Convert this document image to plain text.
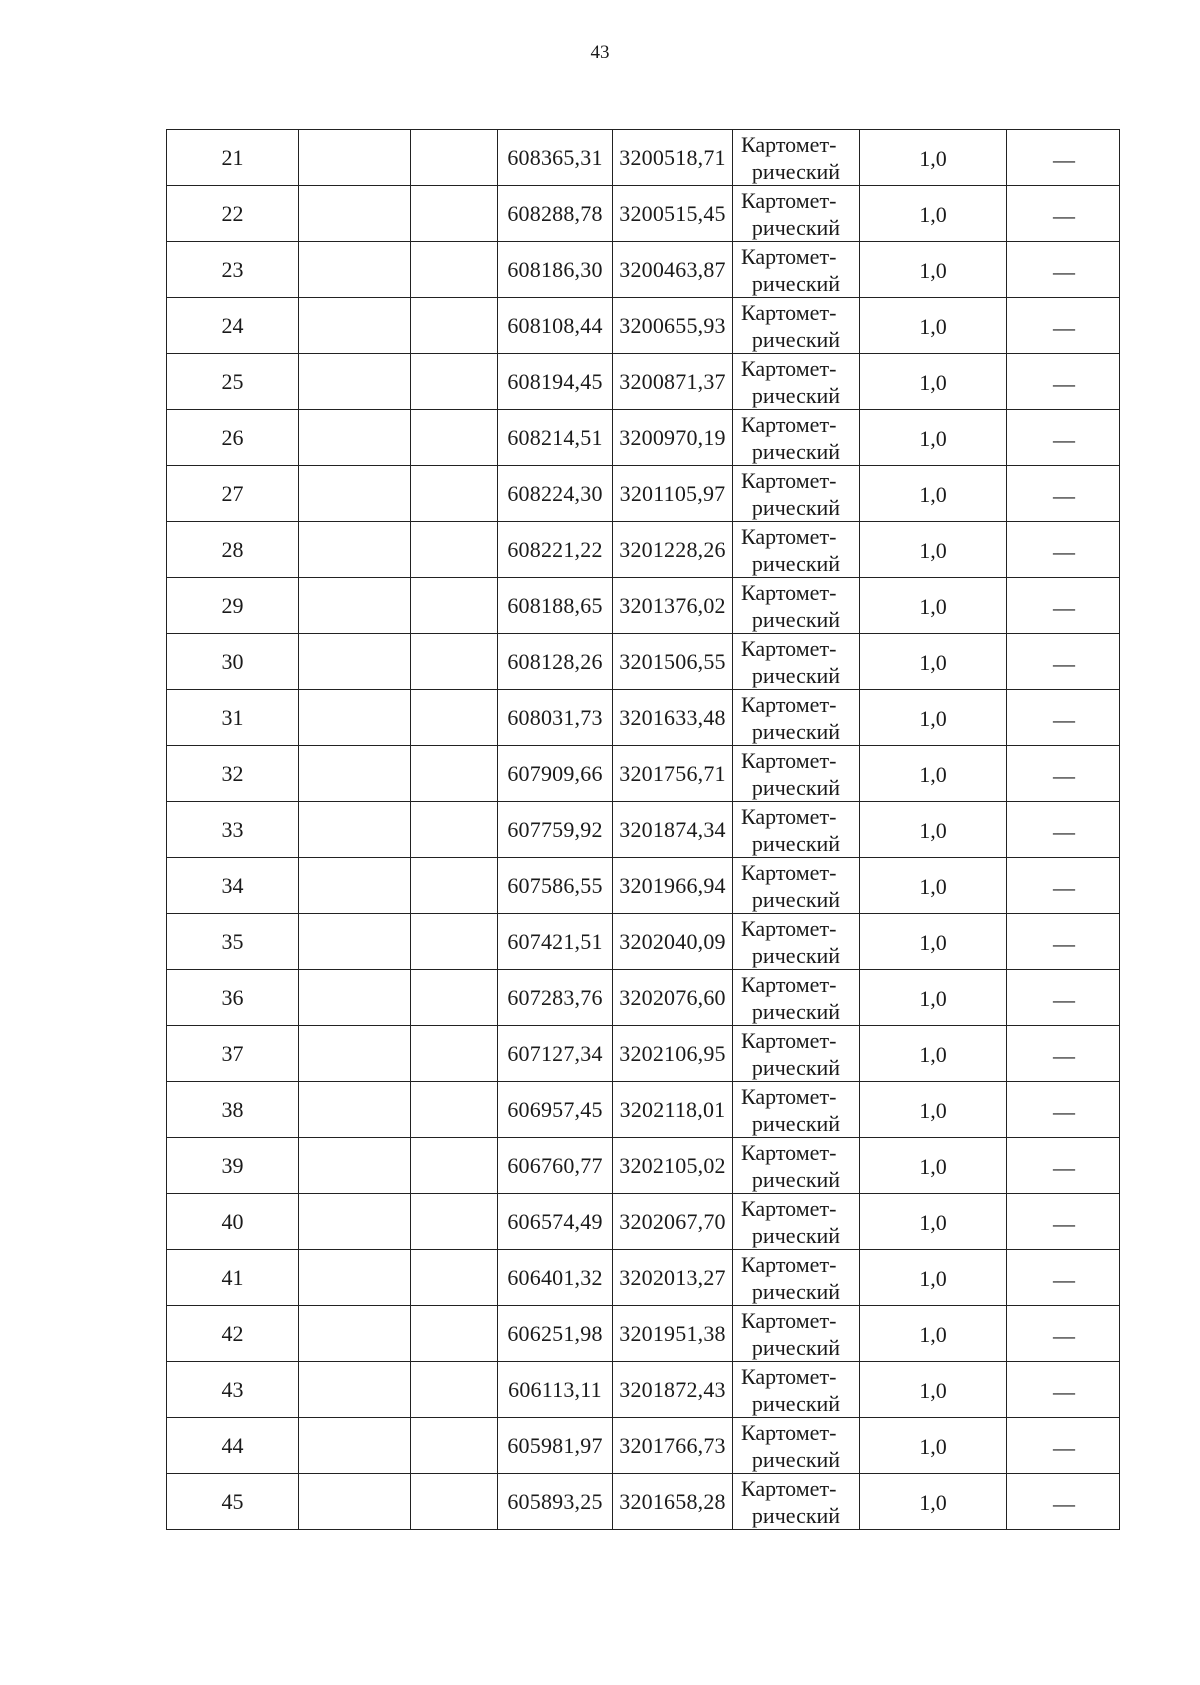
43
21			608365,31	3200518,71	Картомет-
рический	1,0	—
22			608288,78	3200515,45	Картомет-
рический	1,0	—
23			608186,30	3200463,87	Картомет-
рический	1,0	—
24			608108,44	3200655,93	Картомет-
рический	1,0	—
25			608194,45	3200871,37	Картомет-
рический	1,0	—
26			608214,51	3200970,19	Картомет-
рический	1,0	—
27			608224,30	3201105,97	Картомет-
рический	1,0	—
28			608221,22	3201228,26	Картомет-
рический	1,0	—
29			608188,65	3201376,02	Картомет-
рический	1,0	—
30			608128,26	3201506,55	Картомет-
рический	1,0	—
31			608031,73	3201633,48	Картомет-
рический	1,0	—
32			607909,66	3201756,71	Картомет-
рический	1,0	—
33			607759,92	3201874,34	Картомет-
рический	1,0	—
34			607586,55	3201966,94	Картомет-
рический	1,0	—
35			607421,51	3202040,09	Картомет-
рический	1,0	—
36			607283,76	3202076,60	Картомет-
рический	1,0	—
37			607127,34	3202106,95	Картомет-
рический	1,0	—
38			606957,45	3202118,01	Картомет-
рический	1,0	—
39			606760,77	3202105,02	Картомет-
рический	1,0	—
40			606574,49	3202067,70	Картомет-
рический	1,0	—
41			606401,32	3202013,27	Картомет-
рический	1,0	—
42			606251,98	3201951,38	Картомет-
рический	1,0	—
43			606113,11	3201872,43	Картомет-
рический	1,0	—
44			605981,97	3201766,73	Картомет-
рический	1,0	—
45			605893,25	3201658,28	Картомет-
рический	1,0	—
